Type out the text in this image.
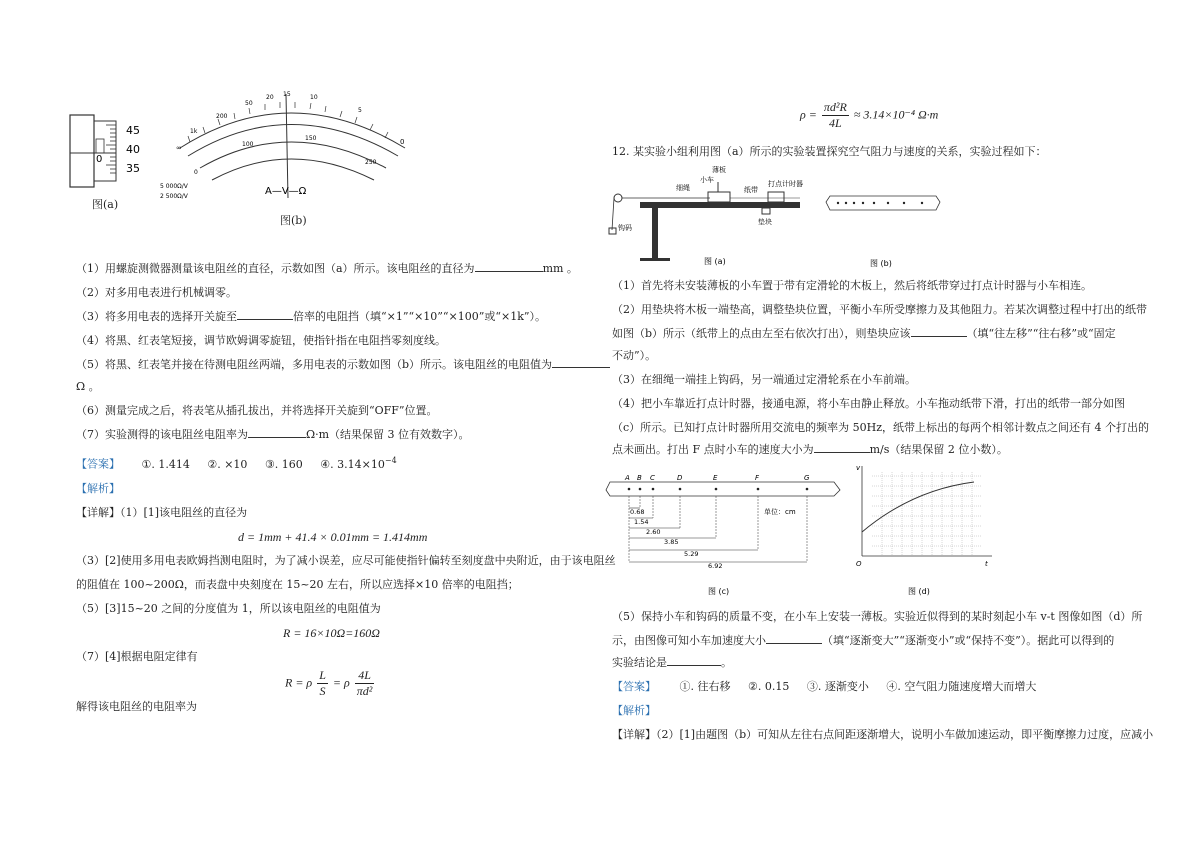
45
40
35
0
图(a)
∞
1k
200
50
20 15	10
5
0
0
100
150
250
5 000Ω/V
2 500Ω/V	A—V—Ω
图(b)
（1）用螺旋测微器测量该电阻丝的直径，示数如图（a）所示。该电阻丝的直径为	mm 。
（2）对多用电表进行机械调零。
（3）将多用电表的选择开关旋至	倍率的电阻挡（填“×1”“×10”“×100”或“×1k”）。
（4）将黑、红表笔短接，调节欧姆调零旋钮，使指针指在电阻挡零刻度线。
（5）将黑、红表笔并接在待测电阻丝两端，多用电表的示数如图（b）所示。该电阻丝的电阻值为
Ω 。
（6）测量完成之后，将表笔从插孔拔出，并将选择开关旋到“OFF”位置。
（7）实验测得的该电阻丝电阻率为	Ω·m（结果保留 3 位有效数字）。
【答案】 ①. 1.414 ②. ×10 ③. 160 ④. $3.14\times 10^{-4}$
【解析】
【详解】（1）[1]该电阻丝的直径为
d = 1mm + 41.4 × 0.01mm = 1.414mm
（3）[2]使用多用电表欧姆挡测电阻时，为了减小误差，应尽可能使指针偏转至刻度盘中央附近，由于该电阻丝
的阻值在 100~200Ω，而表盘中央刻度在 15~20 左右，所以应选择×10 倍率的电阻挡；
（5）[3]15~20 之间的分度值为 1，所以该电阻丝的电阻值为
R = 16×10Ω=160Ω
（7）[4]根据电阻定律有
R = ρ $\frac{L}{S} = \rho \frac{4L}{\text{πd²}}$
解得该电阻丝的电阻率为
$\rho = \frac{\text{πd²R}}{4L} \approx 3.14\times 10^{-4}$ Ω·m
12. 某实验小组利用图（a）所示的实验装置探究空气阻力与速度的关系，实验过程如下：
薄板
小车	打点计时器
细绳	纸带
垫块
钩码
图 (a)	图 (b)
（1）首先将未安装薄板的小车置于带有定滑轮的木板上，然后将纸带穿过打点计时器与小车相连。
（2）用垫块将木板一端垫高，调整垫块位置，平衡小车所受摩擦力及其他阻力。若某次调整过程中打出的纸带
如图（b）所示（纸带上的点由左至右依次打出），则垫块应该	（填“往左移”“往右移”或“固定
不动”）。
（3）在细绳一端挂上钩码，另一端通过定滑轮系在小车前端。
（4）把小车靠近打点计时器，接通电源，将小车由静止释放。小车拖动纸带下滑，打出的纸带一部分如图
（c）所示。已知打点计时器所用交流电的频率为 50Hz，纸带上标出的每两个相邻计数点之间还有 4 个打出的
点未画出。打出 F 点时小车的速度大小为	m/s（结果保留 2 位小数）。
A B C	D	E	F	G
0.68
1.54
2.60
3.85
5.29
6.92
单位：cm
图 (c)
v
t
O
图 (d)
（5）保持小车和钩码的质量不变，在小车上安装一薄板。实验近似得到的某时刻起小车 v-t 图像如图（d）所
示，由图像可知小车加速度大小	（填“逐渐变大”“逐渐变小”或“保持不变”）。据此可以得到的
实验结论是	。
【答案】 ①. 往右移 ②. 0.15 ③. 逐渐变小 ④. 空气阻力随速度增大而增大
【解析】
【详解】（2）[1]由题图（b）可知从左往右点间距逐渐增大，说明小车做加速运动，即平衡摩擦力过度，应减小
